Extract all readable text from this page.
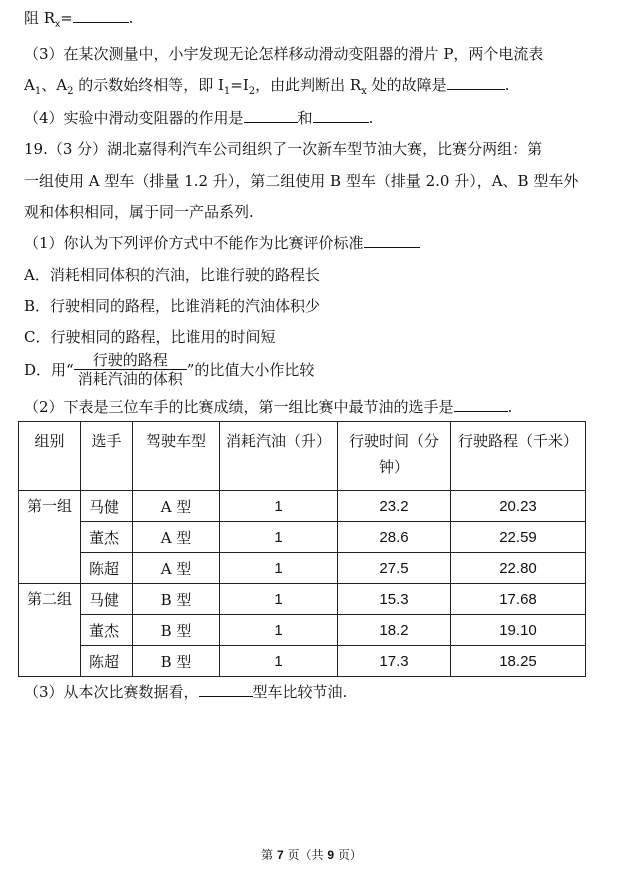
阻 $R_x=$	.
（3）在某次测量中，小宇发现无论怎样移动滑动变阻器的滑片 P，两个电流表
$A_1$、$A_2$ 的示数始终相等，即 $I_1=I_2$，由此判断出 $R_x$ 处的故障是	.
（4）实验中滑动变阻器的作用是	和	.
19.（3 分）湖北嘉得利汽车公司组织了一次新车型节油大赛，比赛分两组：第
一组使用 A 型车（排量 1.2 升），第二组使用 B 型车（排量 2.0 升），A、B 型车外
观和体积相同，属于同一产品系列.
（1）你认为下列评价方式中不能作为比赛评价标准
A．消耗相同体积的汽油，比谁行驶的路程长
B．行驶相同的路程，比谁消耗的汽油体积少
C．行驶相同的路程，比谁用的时间短
D．用“ $\frac{\text{行驶的路程}}{\text{消耗汽油的体积}}$ ”的比值大小作比较
（2）下表是三位车手的比赛成绩，第一组比赛中最节油的选手是	.
组别	选手	驾驶车型	消耗汽油（升）	行驶时间（分钟）	行驶路程（千米）
第一组	马健	A 型	1	23.2	20.23
	董杰	A 型	1	28.6	22.59
	陈超	A 型	1	27.5	22.80
第二组	马健	B 型	1	15.3	17.68
	董杰	B 型	1	18.2	19.10
	陈超	B 型	1	17.3	18.25
（3）从本次比赛数据看，	型车比较节油.
第 7 页（共 9 页）
